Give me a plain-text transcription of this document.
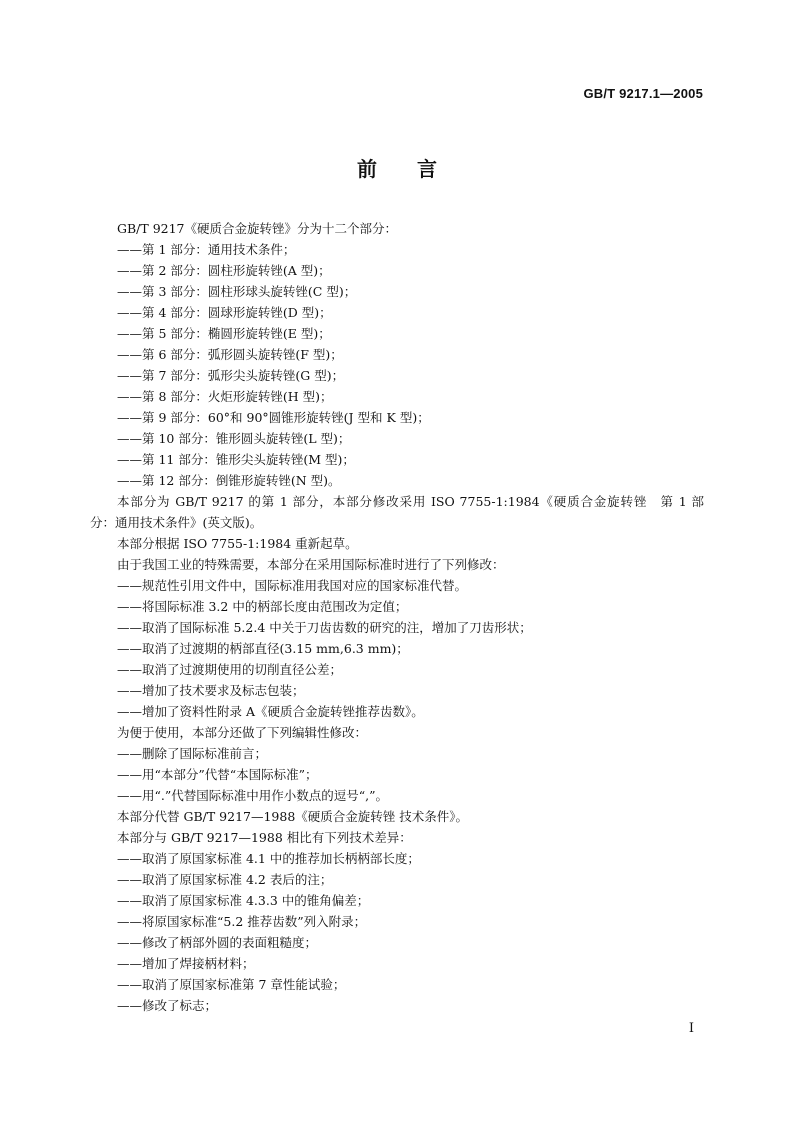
GB/T 9217.1—2005
前言
GB/T 9217《硬质合金旋转锉》分为十二个部分：
——第 1 部分：通用技术条件；
——第 2 部分：圆柱形旋转锉(A 型)；
——第 3 部分：圆柱形球头旋转锉(C 型)；
——第 4 部分：圆球形旋转锉(D 型)；
——第 5 部分：椭圆形旋转锉(E 型)；
——第 6 部分：弧形圆头旋转锉(F 型)；
——第 7 部分：弧形尖头旋转锉(G 型)；
——第 8 部分：火炬形旋转锉(H 型)；
——第 9 部分：60°和 90°圆锥形旋转锉(J 型和 K 型)；
——第 10 部分：锥形圆头旋转锉(L 型)；
——第 11 部分：锥形尖头旋转锉(M 型)；
——第 12 部分：倒锥形旋转锉(N 型)。
本部分为 GB/T 9217 的第 1 部分，本部分修改采用 ISO 7755-1:1984《硬质合金旋转锉　第 1 部
分：通用技术条件》(英文版)。
本部分根据 ISO 7755-1:1984 重新起草。
由于我国工业的特殊需要，本部分在采用国际标准时进行了下列修改：
——规范性引用文件中，国际标准用我国对应的国家标准代替。
——将国际标准 3.2 中的柄部长度由范围改为定值；
——取消了国际标准 5.2.4 中关于刀齿齿数的研究的注，增加了刀齿形状；
——取消了过渡期的柄部直径(3.15 mm,6.3 mm)；
——取消了过渡期使用的切削直径公差；
——增加了技术要求及标志包装；
——增加了资料性附录 A《硬质合金旋转锉推荐齿数》。
为便于使用，本部分还做了下列编辑性修改：
——删除了国际标准前言；
——用“本部分”代替“本国际标准”；
——用“.”代替国际标准中用作小数点的逗号“,”。
本部分代替 GB/T 9217—1988《硬质合金旋转锉 技术条件》。
本部分与 GB/T 9217—1988 相比有下列技术差异：
——取消了原国家标准 4.1 中的推荐加长柄柄部长度；
——取消了原国家标准 4.2 表后的注；
——取消了原国家标准 4.3.3 中的锥角偏差；
——将原国家标准“5.2 推荐齿数”列入附录；
——修改了柄部外圆的表面粗糙度；
——增加了焊接柄材料；
——取消了原国家标准第 7 章性能试验；
——修改了标志；
I
